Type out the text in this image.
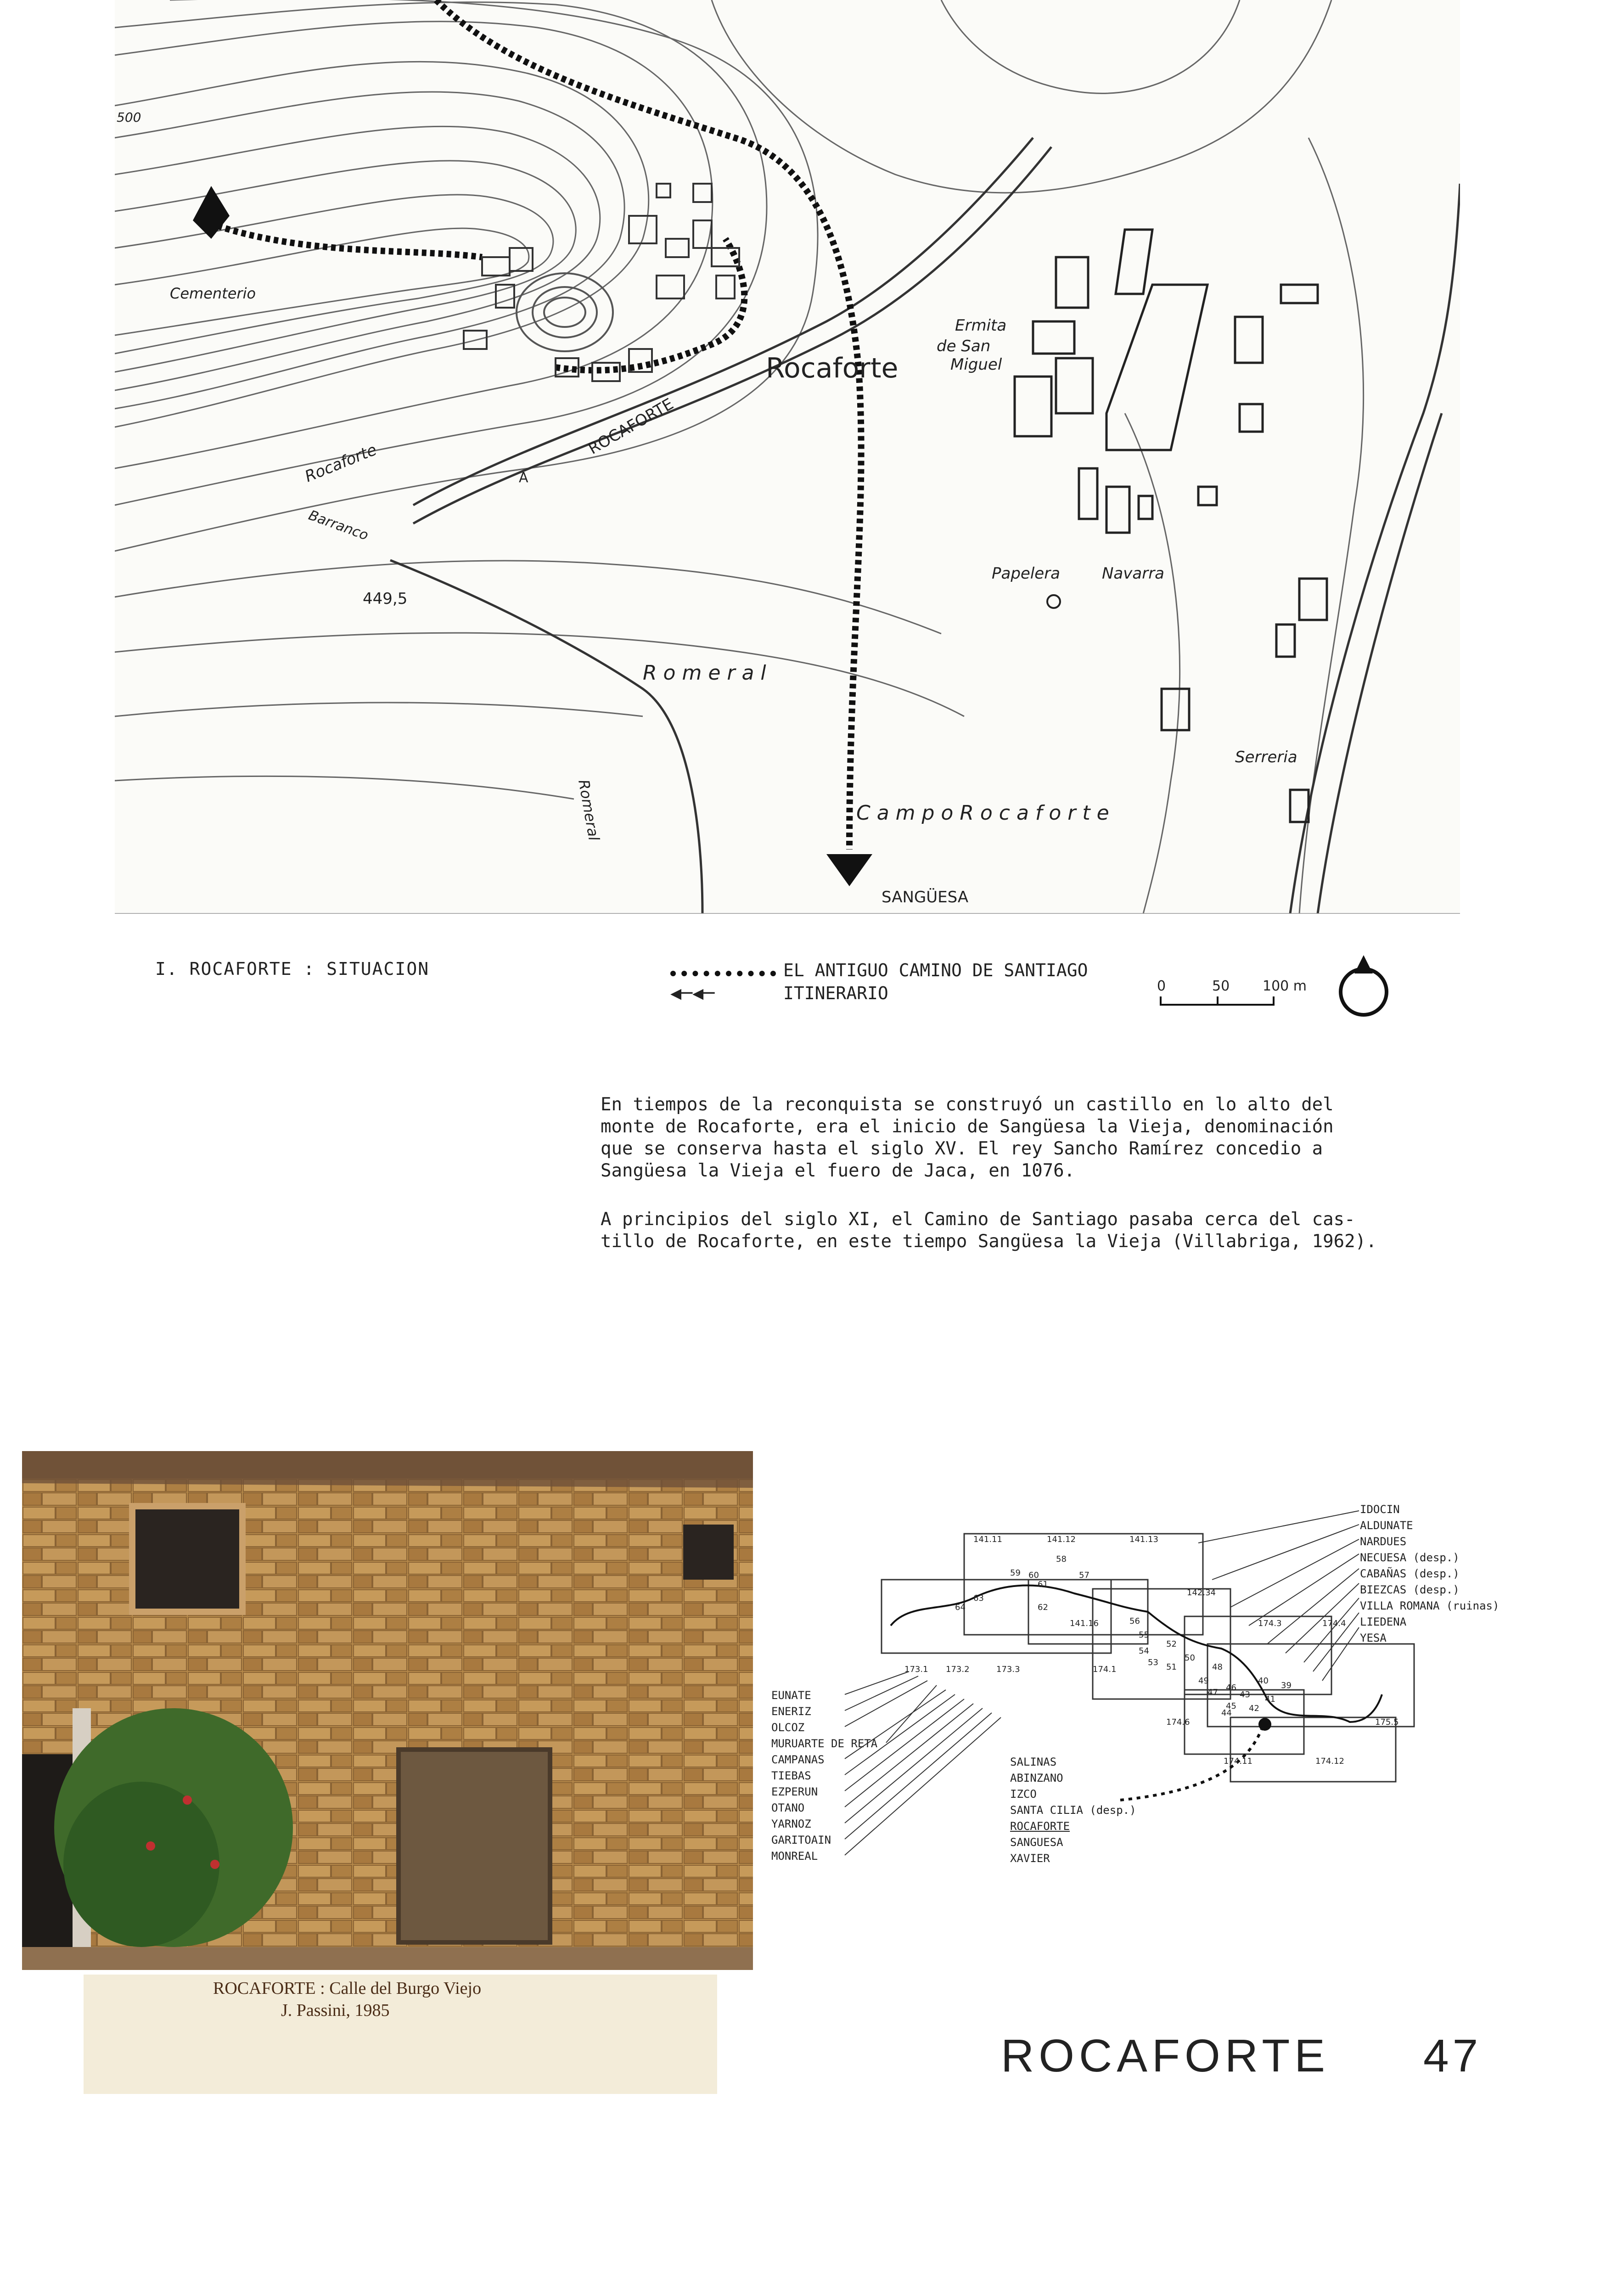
500
Cementerio
Ermita
de San
Miguel
Rocaforte
ROCAFORTE
Rocaforte
Barranco
A
449,5
R o m e r a l
Romeral	C a m p o R o c a f o r t e
SANGÜESA
Papelera	Navarra
Serreria
I. ROCAFORTE : SITUACION	EL ANTIGUO CAMINO DE SANTIAGO
◀─◀─	ITINERARIO	0	50 100 m
En tiempos de la reconquista se construyó un castillo en lo alto del
monte de Rocaforte, era el inicio de Sangüesa la Vieja, denominación
que se conserva hasta el siglo XV. El rey Sancho Ramírez concedio a
Sangüesa la Vieja el fuero de Jaca, en 1076.
A principios del siglo XI, el Camino de Santiago pasaba cerca del cas-
tillo de Rocaforte, en este tiempo Sangüesa la Vieja (Villabriga, 1962).
ROCAFORTE : Calle del Burgo Viejo
J. Passini, 1985
IDOCIN
ALDUNATE
NARDUES
NECUESA (desp.)
CABAÑAS (desp.)
BIEZCAS (desp.)
VILLA ROMANA (ruinas)
LIEDENA
YESA
EUNATE
ENERIZ
OLCOZ
MURUARTE DE RETA
CAMPANAS
TIEBAS
EZPERUN
OTANO
YARNOZ
GARITOAIN
MONREAL
SALINAS
ABINZANO
IZCO
SANTA CILIA (desp.)
ROCAFORTE
SANGUESA
XAVIER
141.11	141.12	141.13
142.34
141.16
173.1 173.2	173.3	174.1
174.3	174.4
174.6
174.11	174.12
175.5
58
57
59 60
61
62
63
64
56
55
54
53
52
51
50
49
48
47 46
45
44
43
42
41
40 39
ROCAFORTE 47
